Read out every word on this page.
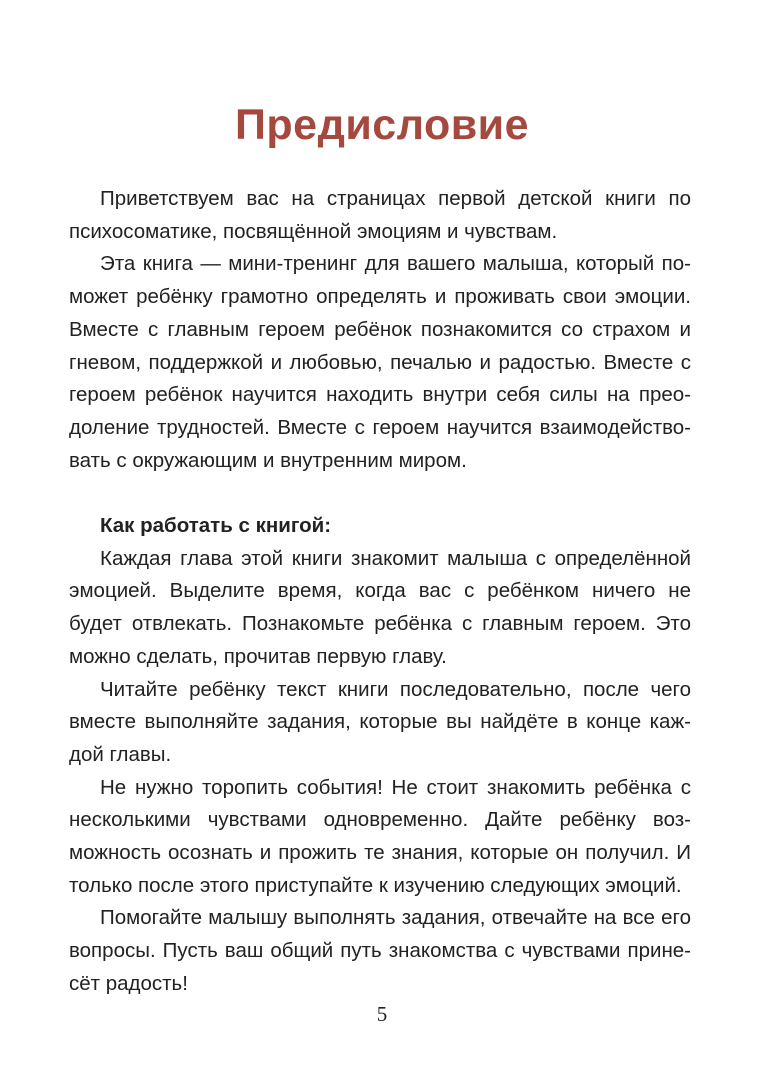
Предисловие

Приветствуем вас на страницах первой детской книги по психосоматике, посвящённой эмоциям и чувствам.

Эта книга — мини-тренинг для вашего малыша, который поможет ребёнку грамотно определять и проживать свои эмоции. Вместе с главным героем ребёнок познакомится со страхом и гневом, поддержкой и любовью, печалью и радостью. Вместе с героем ребёнок научится находить внутри себя силы на преодоление трудностей. Вместе с героем научится взаимодействовать с окружающим и внутренним миром.

Как работать с книгой:

Каждая глава этой книги знакомит малыша с определённой эмоцией. Выделите время, когда вас с ребёнком ничего не будет отвлекать. Познакомьте ребёнка с главным героем. Это можно сделать, прочитав первую главу.

Читайте ребёнку текст книги последовательно, после чего вместе выполняйте задания, которые вы найдёте в конце каждой главы.

Не нужно торопить события! Не стоит знакомить ребёнка с несколькими чувствами одновременно. Дайте ребёнку возможность осознать и прожить те знания, которые он получил. И только после этого приступайте к изучению следующих эмоций.

Помогайте малышу выполнять задания, отвечайте на все его вопросы. Пусть ваш общий путь знакомства с чувствами принесёт радость!

5
